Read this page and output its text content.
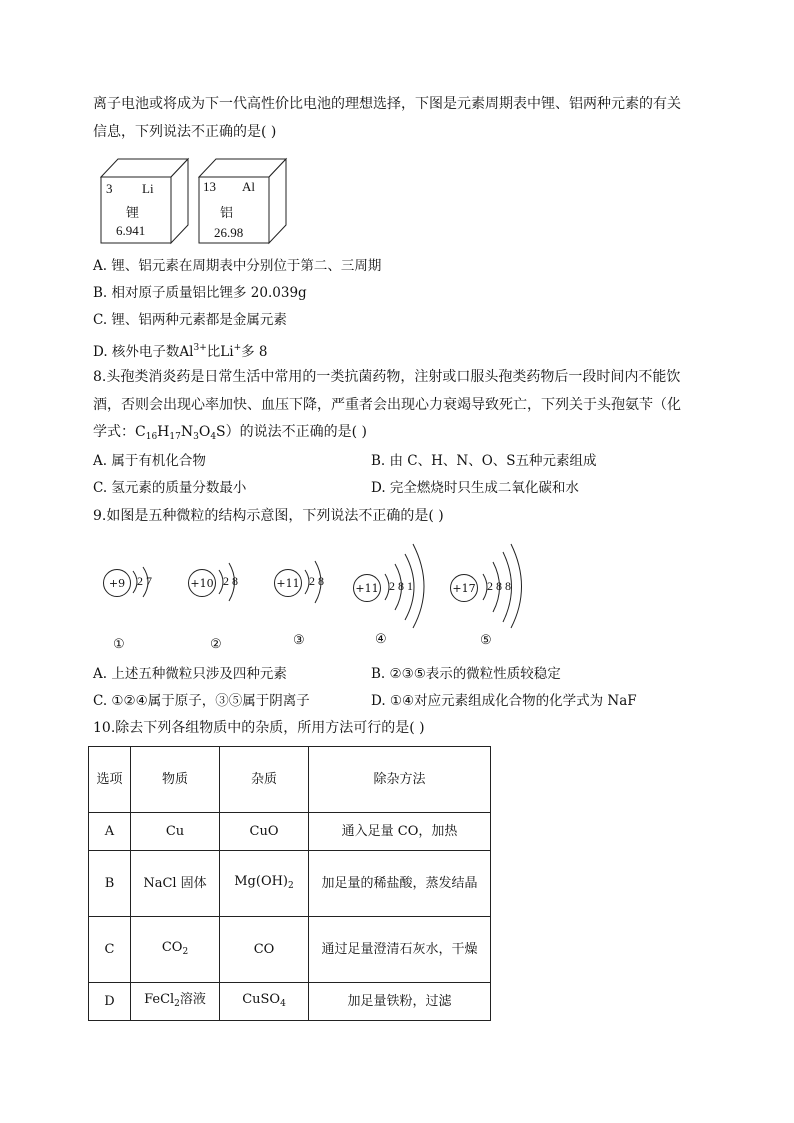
离子电池或将成为下一代高性价比电池的理想选择，下图是元素周期表中锂、铝两种元素的有关
信息，下列说法不正确的是( )
3 Li
锂
6.941
13 Al
铝
26.98
A. 锂、铝元素在周期表中分别位于第二、三周期
B. 相对原子质量铝比锂多 20.039g
C. 锂、铝两种元素都是金属元素
D. 核外电子数$Al^{3+}$比Li+多 8
8.头孢类消炎药是日常生活中常用的一类抗菌药物，注射或口服头孢类药物后一段时间内不能饮
酒，否则会出现心率加快、血压下降，严重者会出现心力衰竭导致死亡，下列关于头孢氨苄（化
学式：$C_{16}H_{17}N_3O_4S$）的说法不正确的是( )
A. 属于有机化合物	B. 由 C、H、N、O、S五种元素组成
C. 氢元素的质量分数最小	D. 完全燃烧时只生成二氧化碳和水
9.如图是五种微粒的结构示意图，下列说法不正确的是( )
+9 2 7
①
+10 2 8
②
+11 2 8
③
+11 2 8 1
④
+17 2 8 8
⑤
A. 上述五种微粒只涉及四种元素	B. ②③⑤表示的微粒性质较稳定
C. ①②④属于原子，③⑤属于阴离子	D. ①④对应元素组成化合物的化学式为 NaF
10.除去下列各组物质中的杂质，所用方法可行的是( )
选项	物质	杂质	除杂方法
A	Cu	CuO	通入足量 CO，加热
B	NaCl 固体	$Mg(OH)_2$	加足量的稀盐酸，蒸发结晶
C	$CO_2$	CO	通过足量澄清石灰水，干燥
D	FeCl$_2$溶液	CuSO$_4$	加足量铁粉，过滤
